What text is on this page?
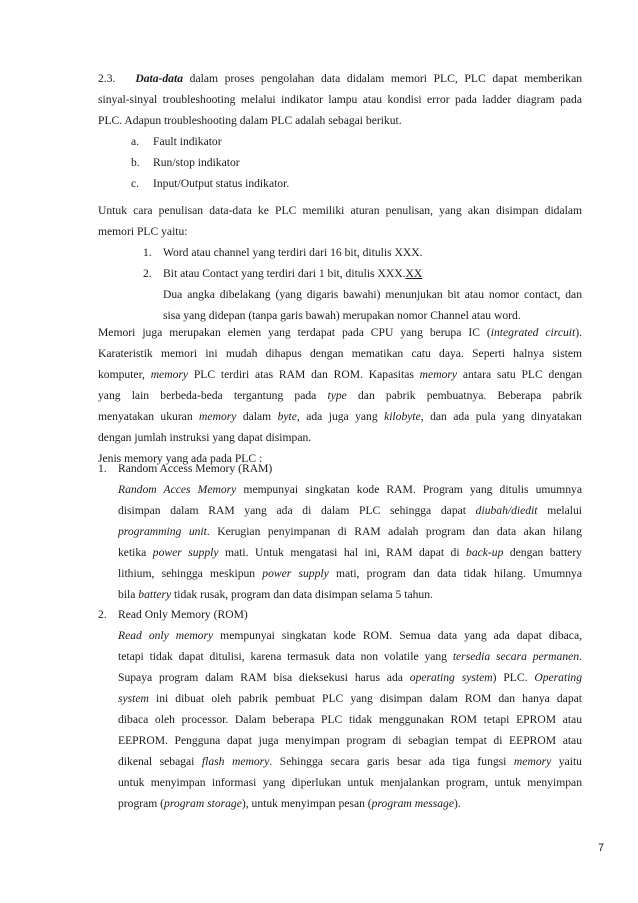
2.3. Data-data dalam proses pengolahan data didalam memori PLC, PLC dapat memberikan
sinyal-sinyal troubleshooting melalui indikator lampu atau kondisi error pada ladder diagram pada
PLC. Adapun troubleshooting dalam PLC adalah sebagai berikut.
a.	Fault indikator
b.	Run/stop indikator
c.	Input/Output status indikator.
Untuk cara penulisan data-data ke PLC memiliki aturan penulisan, yang akan disimpan didalam
memori PLC yaitu:
1. Word atau channel yang terdiri dari 16 bit, ditulis XXX.
2. Bit atau Contact yang terdiri dari 1 bit, ditulis XXX. XX
Dua angka dibelakang (yang digaris bawahi) menunjukan bit atau nomor contact, dan
sisa yang didepan (tanpa garis bawah) merupakan nomor Channel atau word.
Memori juga merupakan elemen yang terdapat pada CPU yang berupa IC (integrated circuit).
Karateristik memori ini mudah dihapus dengan mematikan catu daya. Seperti halnya sistem
komputer, memory PLC terdiri atas RAM dan ROM. Kapasitas memory antara satu PLC dengan
yang lain berbeda-beda tergantung pada type dan pabrik pembuatnya. Beberapa pabrik
menyatakan ukuran memory dalam byte, ada juga yang kilobyte, dan ada pula yang dinyatakan
dengan jumlah instruksi yang dapat disimpan.
Jenis memory yang ada pada PLC :
1. Random Access Memory (RAM)
Random Acces Memory mempunyai singkatan kode RAM. Program yang ditulis umumnya
disimpan dalam RAM yang ada di dalam PLC sehingga dapat diubah/diedit melalui
programming unit. Kerugian penyimpanan di RAM adalah program dan data akan hilang
ketika power supply mati. Untuk mengatasi hal ini, RAM dapat di back-up dengan battery
lithium, sehingga meskipun power supply mati, program dan data tidak hilang. Umumnya
bila battery tidak rusak, program dan data disimpan selama 5 tahun.
2. Read Only Memory (ROM)
Read only memory mempunyai singkatan kode ROM. Semua data yang ada dapat dibaca,
tetapi tidak dapat ditulisi, karena termasuk data non volatile yang tersedia secara permanen.
Supaya program dalam RAM bisa dieksekusi harus ada operating system) PLC. Operating
system ini dibuat oleh pabrik pembuat PLC yang disimpan dalam ROM dan hanya dapat
dibaca oleh processor. Dalam beberapa PLC tidak menggunakan ROM tetapi EPROM atau
EEPROM. Pengguna dapat juga menyimpan program di sebagian tempat di EEPROM atau
dikenal sebagai flash memory. Sehingga secara garis besar ada tiga fungsi memory yaitu
untuk menyimpan informasi yang diperlukan untuk menjalankan program, untuk menyimpan
program (program storage), untuk menyimpan pesan (program message).
7
